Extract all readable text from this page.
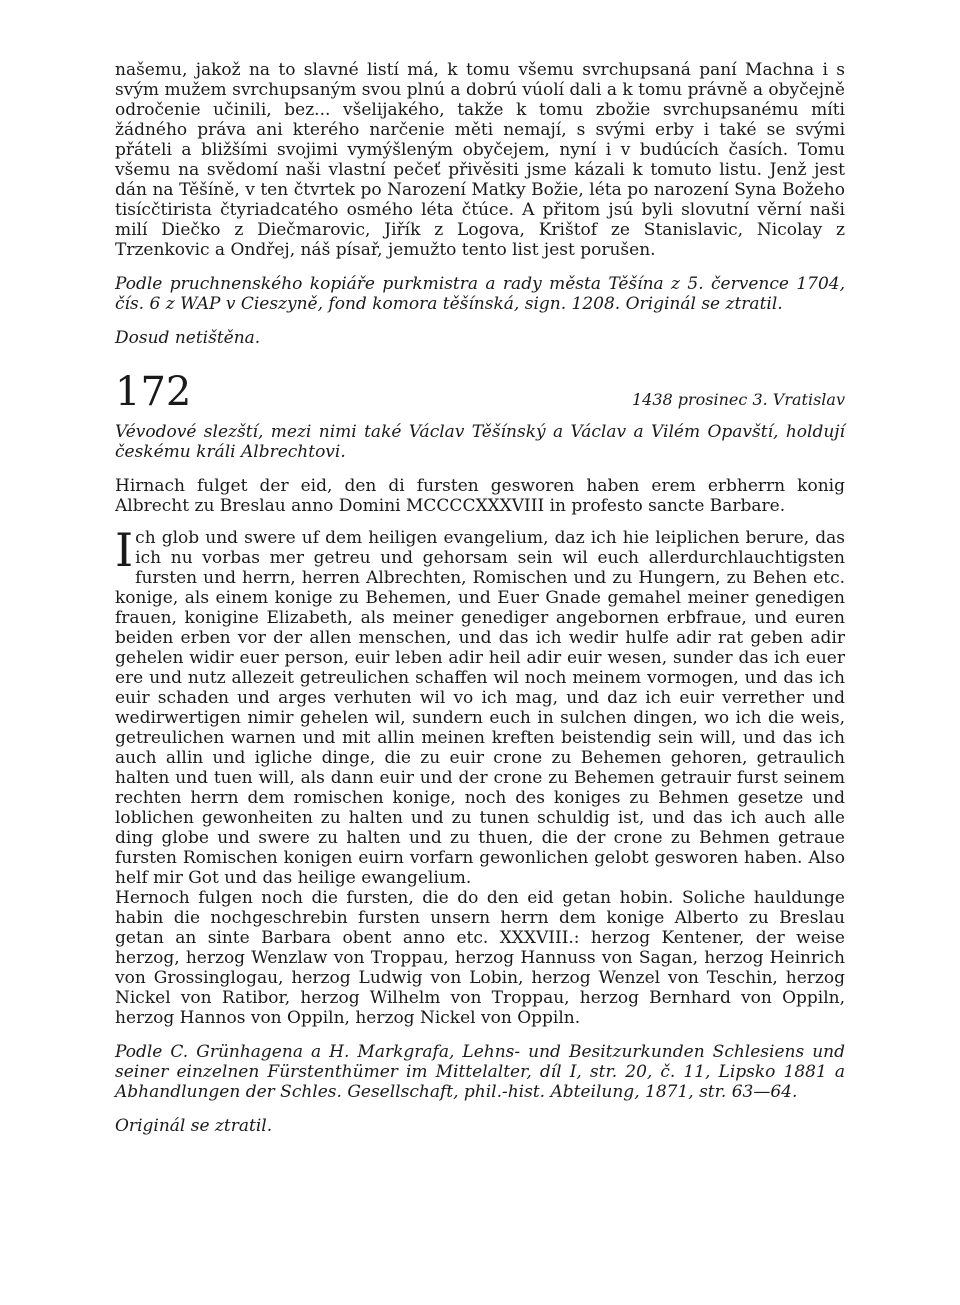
našemu, jakož na to slavné listí má, k tomu všemu svrchupsaná paní Machna i s svým mužem svrchupsaným svou plnú a dobrú vúolí dali a k tomu právně a obyčejně odročenie učinili, bez... všelijakého, takže k tomu zbožie svrchupsanému míti žádného práva ani kterého narčenie měti nemají, s svými erby i také se svými přáteli a bližšími svojimi vymýšleným obyčejem, nyní i v budúcích časích. Tomu všemu na svědomí naši vlastní pečeť přivěsiti jsme kázali k tomuto listu. Jenž jest dán na Těšíně, v ten čtvrtek po Narození Matky Božie, léta po narození Syna Božeho tisícčtirista čtyriadcatého osmého léta čtúce. A přitom jsú byli slovutní věrní naši milí Diečko z Diečmarovic, Jiřík z Logova, Krištof ze Stanislavic, Nicolay z Trzenkovic a Ondřej, náš písař, jemužto tento list jest porušen.

Podle pruchnenského kopiáře purkmistra a rady města Těšína z 5. července 1704, čís. 6 z WAP v Cieszyně, fond komora těšínská, sign. 1208. Originál se ztratil.

Dosud netištěna.

172	1438 prosinec 3. Vratislav

Vévodové slezští, mezi nimi také Václav Těšínský a Václav a Vilém Opavští, holdují českému králi Albrechtovi.

Hirnach fulget der eid, den di fursten gesworen haben erem erbherrn konig Albrecht zu Breslau anno Domini MCCCCXXXVIII in profesto sancte Barbare.

Ich glob und swere uf dem heiligen evangelium, daz ich hie leiplichen berure, das ich nu vorbas mer getreu und gehorsam sein wil euch allerdurchlauchtigsten fursten und herrn, herren Albrechten, Romischen und zu Hungern, zu Behen etc. konige, als einem konige zu Behemen, und Euer Gnade gemahel meiner genedigen frauen, konigine Elizabeth, als meiner genediger angebornen erbfraue, und euren beiden erben vor der allen menschen, und das ich wedir hulfe adir rat geben adir gehelen widir euer person, euir leben adir heil adir euir wesen, sunder das ich euer ere und nutz allezeit getreulichen schaffen wil noch meinem vormogen, und das ich euir schaden und arges verhuten wil vo ich mag, und daz ich euir verrether und wedirwertigen nimir gehelen wil, sundern euch in sulchen dingen, wo ich die weis, getreulichen warnen und mit allin meinen kreften beistendig sein will, und das ich auch allin und igliche dinge, die zu euir crone zu Behemen gehoren, getraulich halten und tuen will, als dann euir und der crone zu Behemen getrauir furst seinem rechten herrn dem romischen konige, noch des koniges zu Behmen gesetze und loblichen gewonheiten zu halten und zu tunen schuldig ist, und das ich auch alle ding globe und swere zu halten und zu thuen, die der crone zu Behmen getraue fursten Romischen konigen euirn vorfarn gewonlichen gelobt gesworen haben. Also helf mir Got und das heilige ewangelium.

Hernoch fulgen noch die fursten, die do den eid getan hobin. Soliche hauldunge habin die nochgeschrebin fursten unsern herrn dem konige Alberto zu Breslau getan an sinte Barbara obent anno etc. XXXVIII.: herzog Kentener, der weise herzog, herzog Wenzlaw von Troppau, herzog Hannuss von Sagan, herzog Heinrich von Grossinglogau, herzog Ludwig von Lobin, herzog Wenzel von Teschin, herzog Nickel von Ratibor, herzog Wilhelm von Troppau, herzog Bernhard von Oppiln, herzog Hannos von Oppiln, herzog Nickel von Oppiln.

Podle C. Grünhagena a H. Markgrafa, Lehns- und Besitzurkunden Schlesiens und seiner einzelnen Fürstenthümer im Mittelalter, díl I, str. 20, č. 11, Lipsko 1881 a Abhandlungen der Schles. Gesellschaft, phil.-hist. Abteilung, 1871, str. 63—64.

Originál se ztratil.
